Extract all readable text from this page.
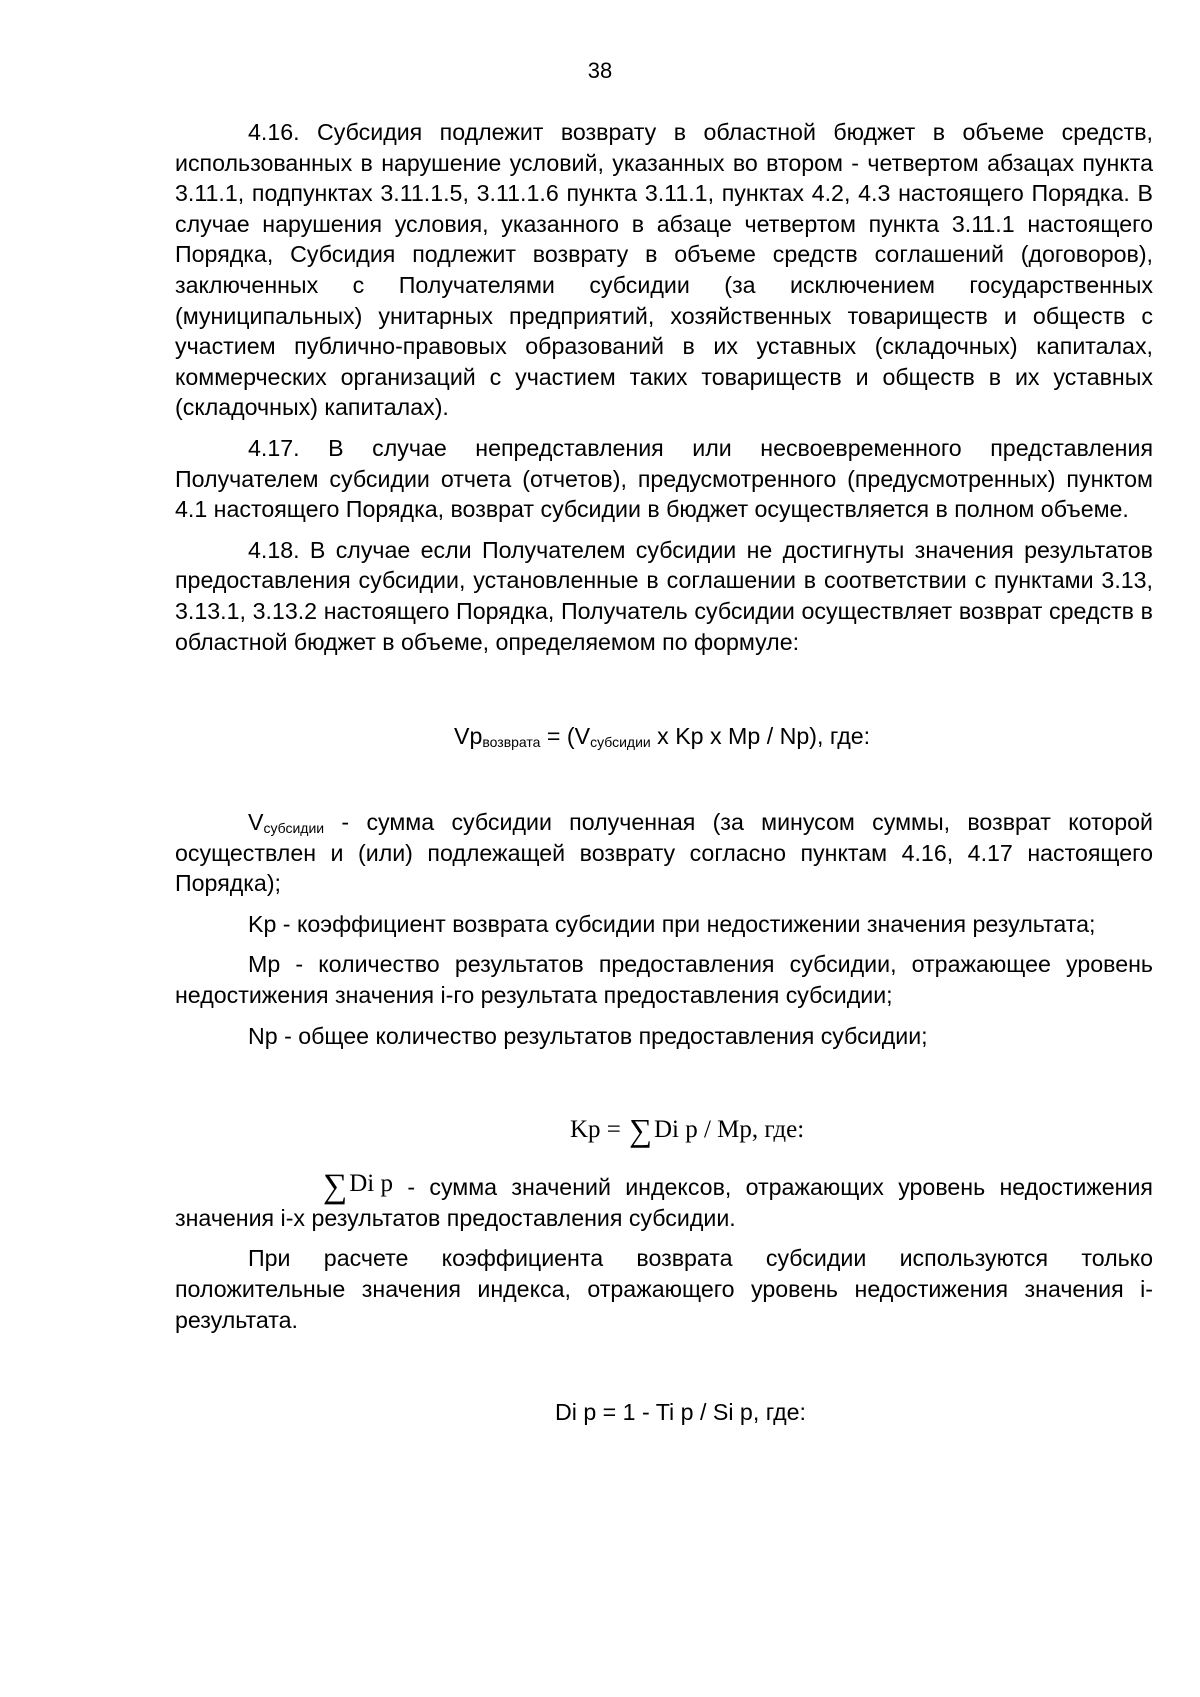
38

4.16. Субсидия подлежит возврату в областной бюджет в объеме средств, использованных в нарушение условий, указанных во втором - четвертом абзацах пункта 3.11.1, подпунктах 3.11.1.5, 3.11.1.6 пункта 3.11.1, пунктах 4.2, 4.3 настоящего Порядка. В случае нарушения условия, указанного в абзаце четвертом пункта 3.11.1 настоящего Порядка, Субсидия подлежит возврату в объеме средств соглашений (договоров), заключенных с Получателями субсидии (за исключением государственных (муниципальных) унитарных предприятий, хозяйственных товариществ и обществ с участием публично-правовых образований в их уставных (складочных) капиталах, коммерческих организаций с участием таких товариществ и обществ в их уставных (складочных) капиталах).

4.17. В случае непредставления или несвоевременного представления Получателем субсидии отчета (отчетов), предусмотренного (предусмотренных) пунктом 4.1 настоящего Порядка, возврат субсидии в бюджет осуществляется в полном объеме.

4.18. В случае если Получателем субсидии не достигнуты значения результатов предоставления субсидии, установленные в соглашении в соответствии с пунктами 3.13, 3.13.1, 3.13.2 настоящего Порядка, Получатель субсидии осуществляет возврат средств в областной бюджет в объеме, определяемом по формуле:

$Vp_{возврата} = (V_{субсидии}$ x Kp x Mp / Np), где:

$V_{субсидии}$ - сумма субсидии полученная (за минусом суммы, возврат которой осуществлен и (или) подлежащей возврату согласно пунктам 4.16, 4.17 настоящего Порядка);

Kp - коэффициент возврата субсидии при недостижении значения результата;

Mp - количество результатов предоставления субсидии, отражающее уровень недостижения значения i-го результата предоставления субсидии;

Np - общее количество результатов предоставления субсидии;

Kp = ∑Di p / Mp, где:

∑Di p - сумма значений индексов, отражающих уровень недостижения значения i-х результатов предоставления субсидии.

При расчете коэффициента возврата субсидии используются только положительные значения индекса, отражающего уровень недостижения значения i-результата.

Di p = 1 - Ti p / Si p, где:
